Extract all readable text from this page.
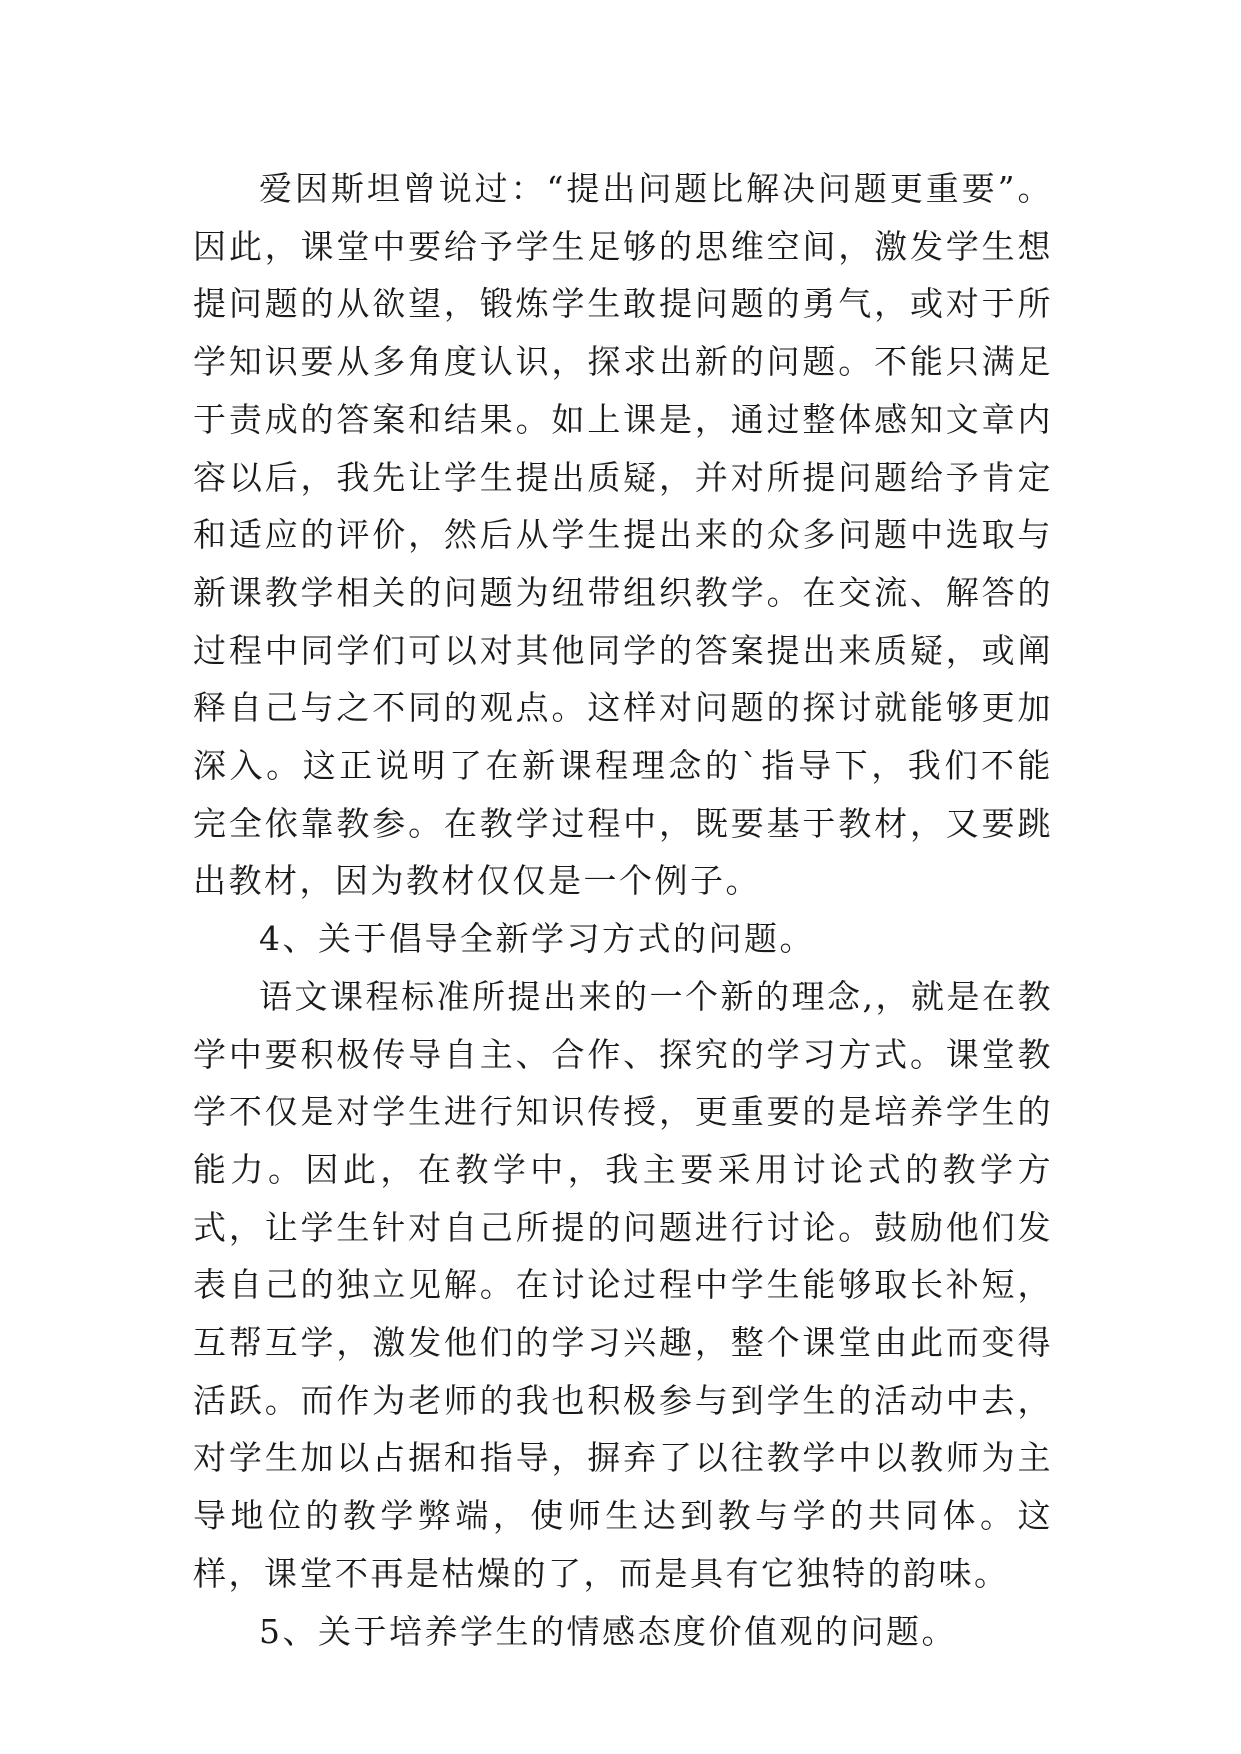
爱因斯坦曾说过：“提出问题比解决问题更重要”。因此，课堂中要给予学生足够的思维空间，激发学生想提问题的从欲望，锻炼学生敢提问题的勇气，或对于所学知识要从多角度认识，探求出新的问题。不能只满足于责成的答案和结果。如上课是，通过整体感知文章内容以后，我先让学生提出质疑，并对所提问题给予肯定和适应的评价，然后从学生提出来的众多问题中选取与新课教学相关的问题为纽带组织教学。在交流、解答的过程中同学们可以对其他同学的答案提出来质疑，或阐释自己与之不同的观点。这样对问题的探讨就能够更加深入。这正说明了在新课程理念的`指导下，我们不能完全依靠教参。在教学过程中，既要基于教材，又要跳出教材，因为教材仅仅是一个例子。

4、关于倡导全新学习方式的问题。

语文课程标准所提出来的一个新的理念,，就是在教学中要积极传导自主、合作、探究的学习方式。课堂教学不仅是对学生进行知识传授，更重要的是培养学生的能力。因此，在教学中，我主要采用讨论式的教学方式，让学生针对自己所提的问题进行讨论。鼓励他们发表自己的独立见解。在讨论过程中学生能够取长补短，互帮互学，激发他们的学习兴趣，整个课堂由此而变得活跃。而作为老师的我也积极参与到学生的活动中去，对学生加以占据和指导，摒弃了以往教学中以教师为主导地位的教学弊端，使师生达到教与学的共同体。这样，课堂不再是枯燥的了，而是具有它独特的韵味。

5、关于培养学生的情感态度价值观的问题。
